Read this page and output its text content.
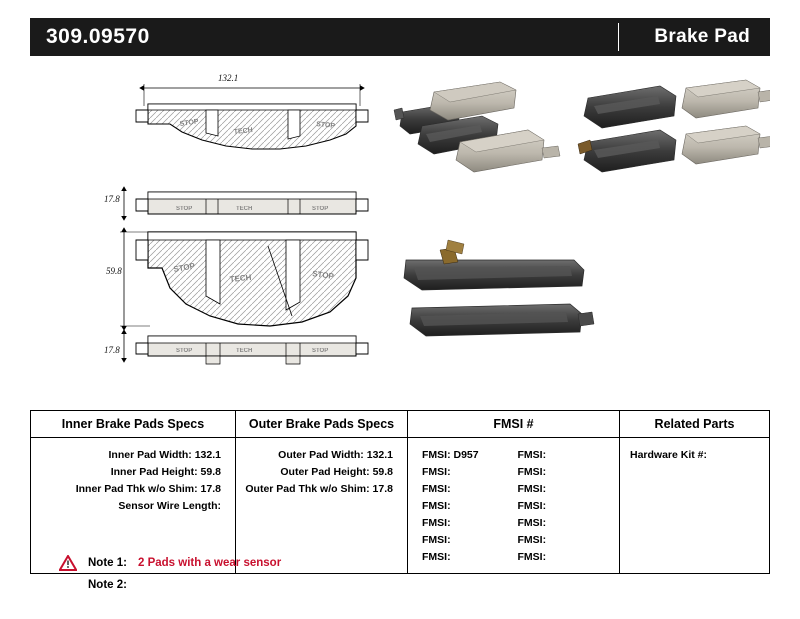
309.09570	Brake Pad
132.1
17.8
59.8
17.8
STOP
TECH
STOP
STOP	TECH	STOP
STOP
TECH	STOP
STOP	TECH	STOP
Inner Brake Pads Specs	Outer Brake Pads Specs	FMSI #	Related Parts
Inner Pad Width: 132.1
Inner Pad Height: 59.8
Inner Pad Thk w/o Shim: 17.8
Sensor Wire Length:
Outer Pad Width: 132.1
Outer Pad Height: 59.8
Outer Pad Thk w/o Shim: 17.8
FMSI: D957
FMSI:
FMSI:
FMSI:
FMSI:
FMSI:
FMSI:
FMSI:
FMSI:
FMSI:
FMSI:
FMSI:
FMSI:
FMSI:
Hardware Kit #:
Note 1: 2 Pads with a wear sensor
Note 2:
